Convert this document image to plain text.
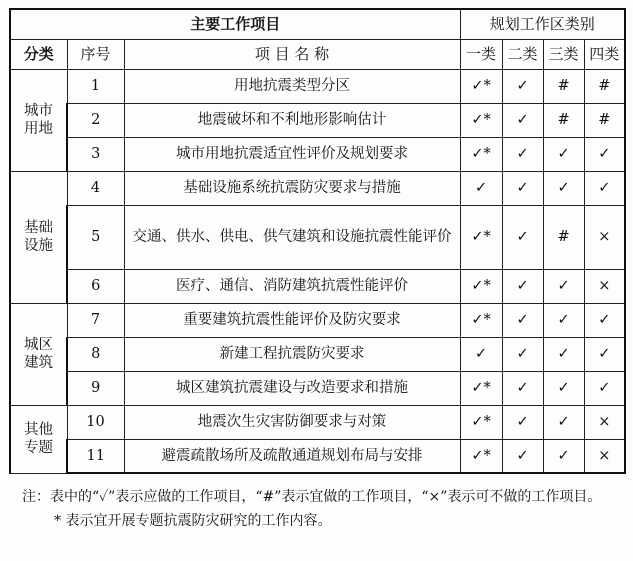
主要工作项目			规划工作区类别			
分类	序号	项 目 名 称	一类	二类	三类	四类
城市
用地	1	用地抗震类型分区	✓*	✓	#	#
	2	地震破坏和不利地形影响估计	✓*	✓	#	#
	3	城市用地抗震适宜性评价及规划要求	✓*	✓	✓	✓
基础
设施	4	基础设施系统抗震防灾要求与措施	✓	✓	✓	✓
	5	交通、供水、供电、供气建筑和设施抗震性能评价	✓*	✓	#	×
	6	医疗、通信、消防建筑抗震性能评价	✓*	✓	✓	×
城区
建筑	7	重要建筑抗震性能评价及防灾要求	✓*	✓	✓	✓
	8	新建工程抗震防灾要求	✓	✓	✓	✓
	9	城区建筑抗震建设与改造要求和措施	✓*	✓	✓	✓
其他
专题	10	地震次生灾害防御要求与对策	✓*	✓	✓	×
	11	避震疏散场所及疏散通道规划布局与安排	✓*	✓	✓	×

注：表中的“✓”表示应做的工作项目，“#”表示宜做的工作项目，“×”表示可不做的工作项目。

* 表示宜开展专题抗震防灾研究的工作内容。
